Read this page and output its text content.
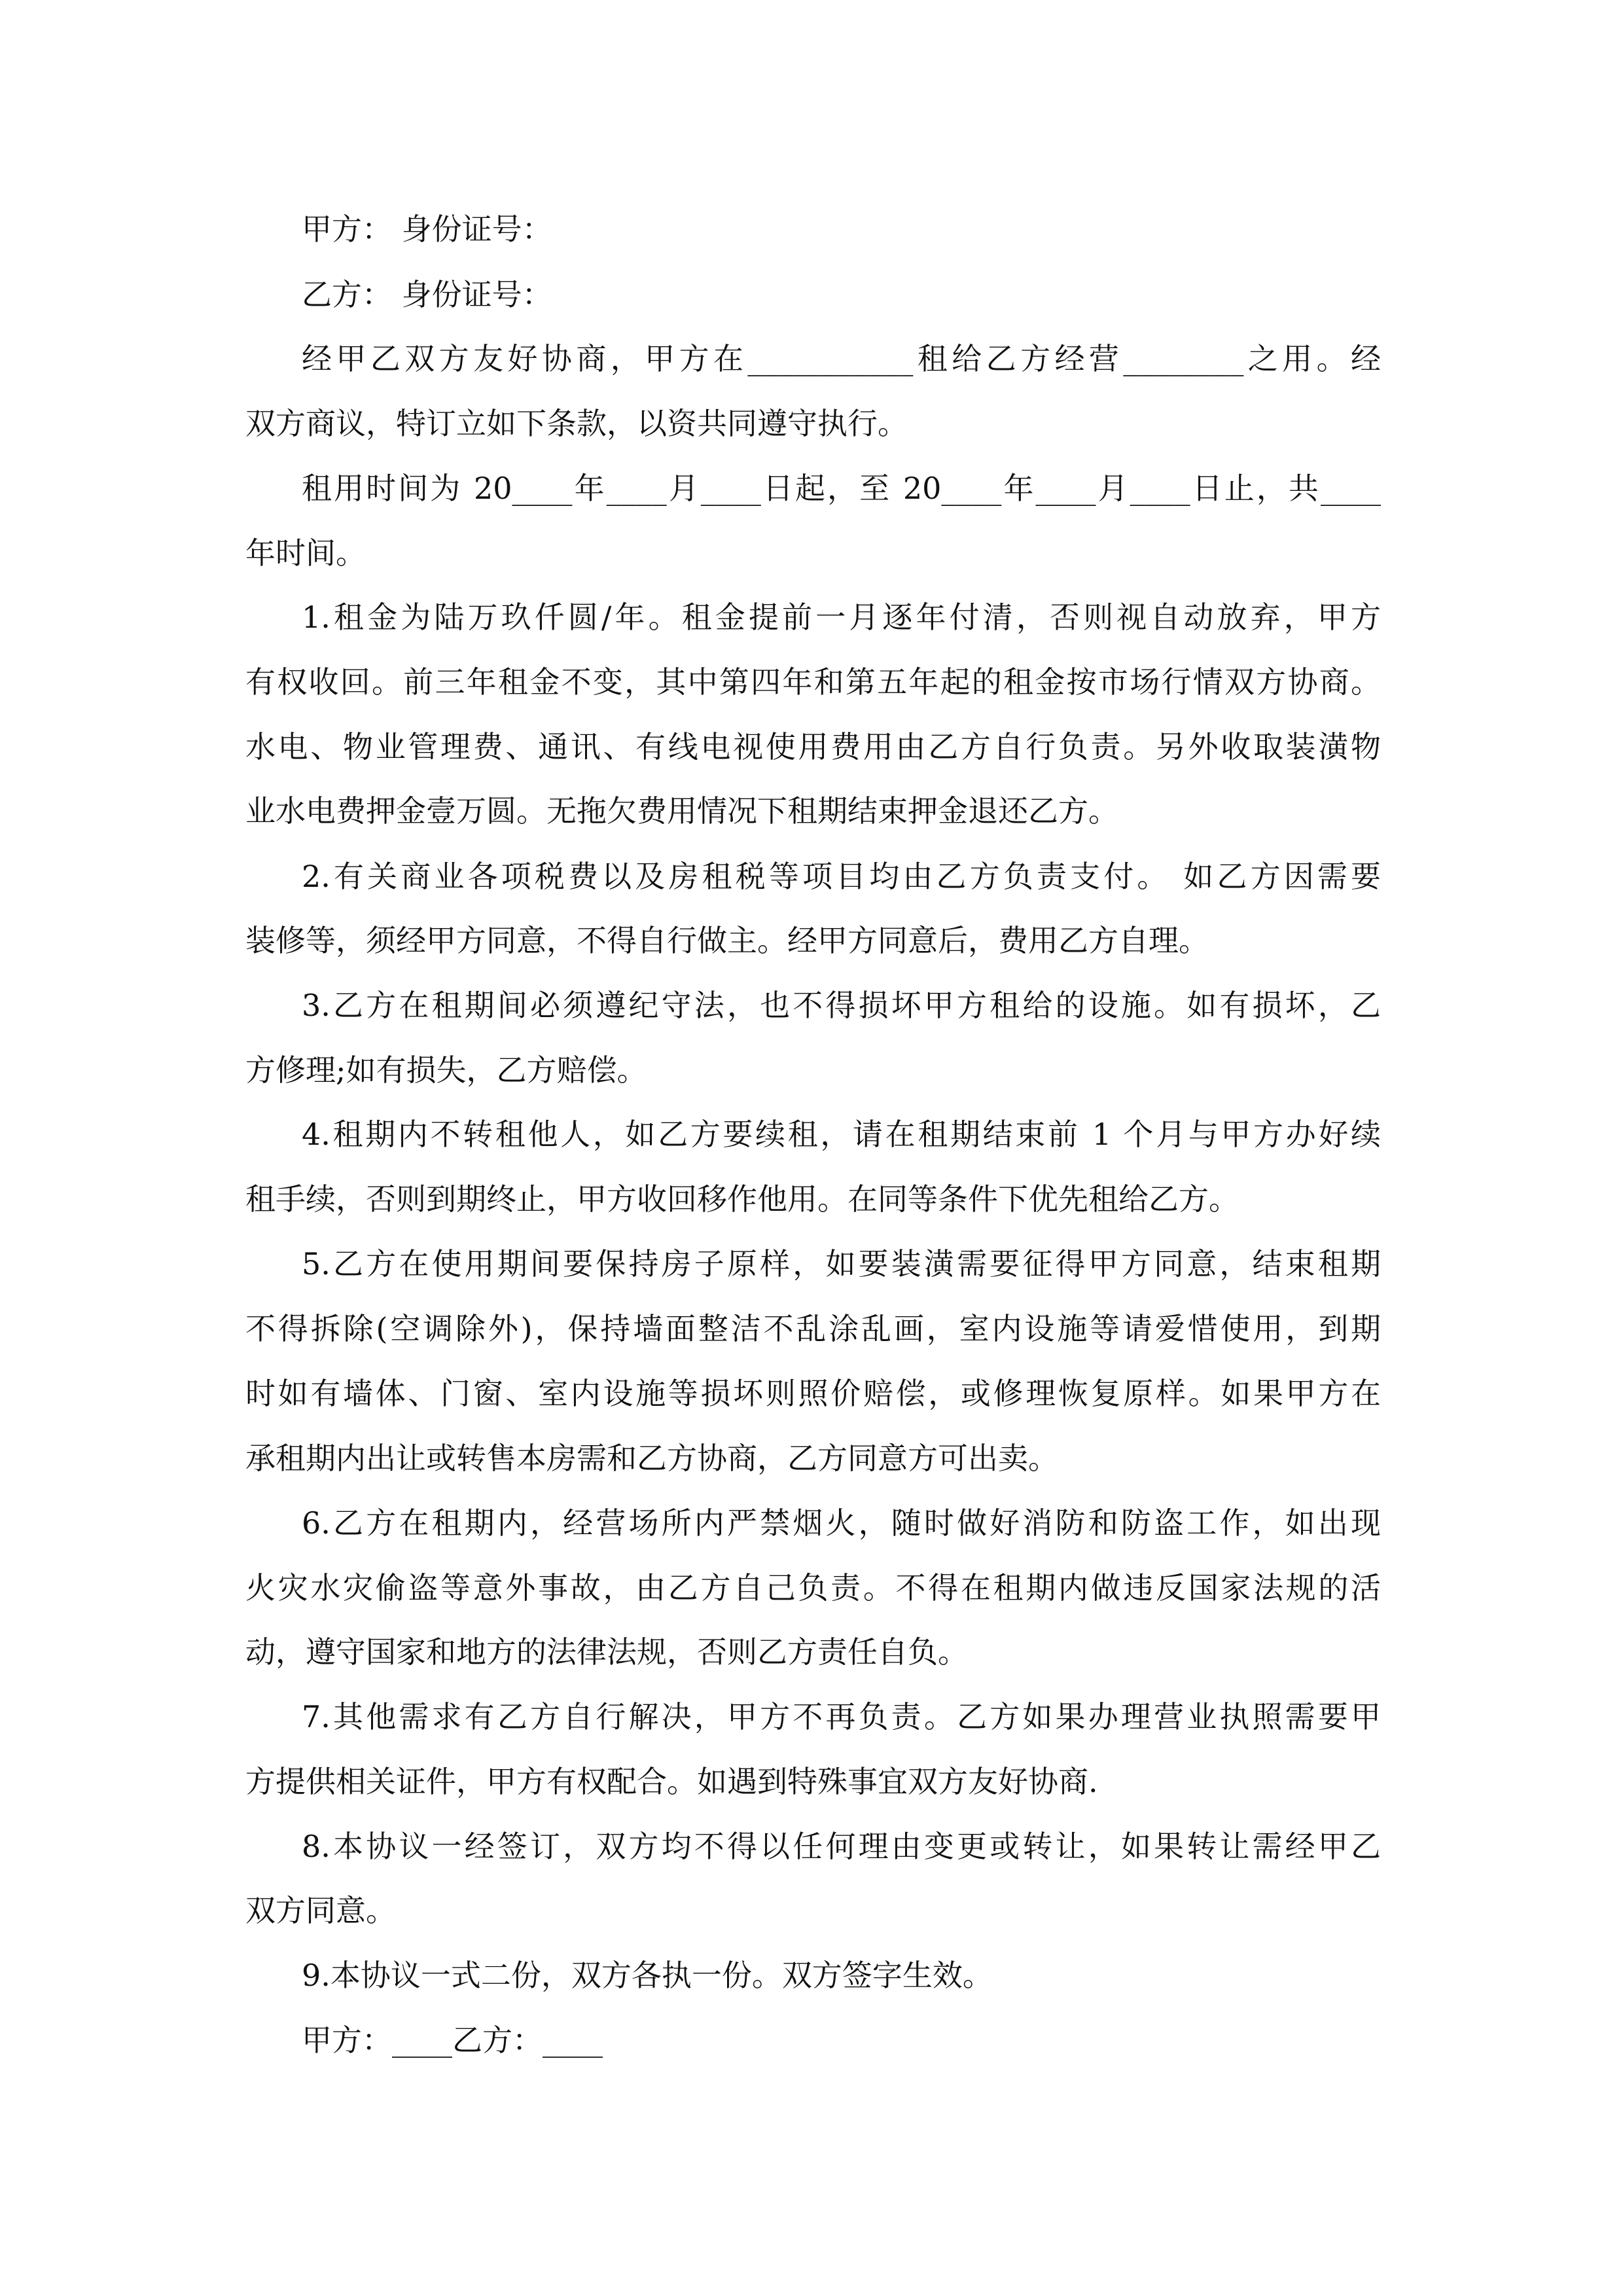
甲方： 身份证号：
乙方： 身份证号：
经甲乙双方友好协商，甲方在___________租给乙方经营________之用。经
双方商议，特订立如下条款，以资共同遵守执行。
租用时间为 20____年____月____日起，至 20____年____月____日止，共____
年时间。
1.租金为陆万玖仟圆/年。租金提前一月逐年付清，否则视自动放弃，甲方
有权收回。前三年租金不变，其中第四年和第五年起的租金按市场行情双方协商。
水电、物业管理费、通讯、有线电视使用费用由乙方自行负责。另外收取装潢物
业水电费押金壹万圆。无拖欠费用情况下租期结束押金退还乙方。
2.有关商业各项税费以及房租税等项目均由乙方负责支付。 如乙方因需要
装修等，须经甲方同意，不得自行做主。经甲方同意后，费用乙方自理。
3.乙方在租期间必须遵纪守法，也不得损坏甲方租给的设施。如有损坏，乙
方修理;如有损失，乙方赔偿。
4.租期内不转租他人，如乙方要续租，请在租期结束前 1 个月与甲方办好续
租手续，否则到期终止，甲方收回移作他用。在同等条件下优先租给乙方。
5.乙方在使用期间要保持房子原样，如要装潢需要征得甲方同意，结束租期
不得拆除(空调除外)，保持墙面整洁不乱涂乱画，室内设施等请爱惜使用，到期
时如有墙体、门窗、室内设施等损坏则照价赔偿，或修理恢复原样。如果甲方在
承租期内出让或转售本房需和乙方协商，乙方同意方可出卖。
6.乙方在租期内，经营场所内严禁烟火，随时做好消防和防盗工作，如出现
火灾水灾偷盗等意外事故，由乙方自己负责。不得在租期内做违反国家法规的活
动，遵守国家和地方的法律法规，否则乙方责任自负。
7.其他需求有乙方自行解决，甲方不再负责。乙方如果办理营业执照需要甲
方提供相关证件，甲方有权配合。如遇到特殊事宜双方友好协商.
8.本协议一经签订，双方均不得以任何理由变更或转让，如果转让需经甲乙
双方同意。
9.本协议一式二份，双方各执一份。双方签字生效。
甲方：____乙方：____
